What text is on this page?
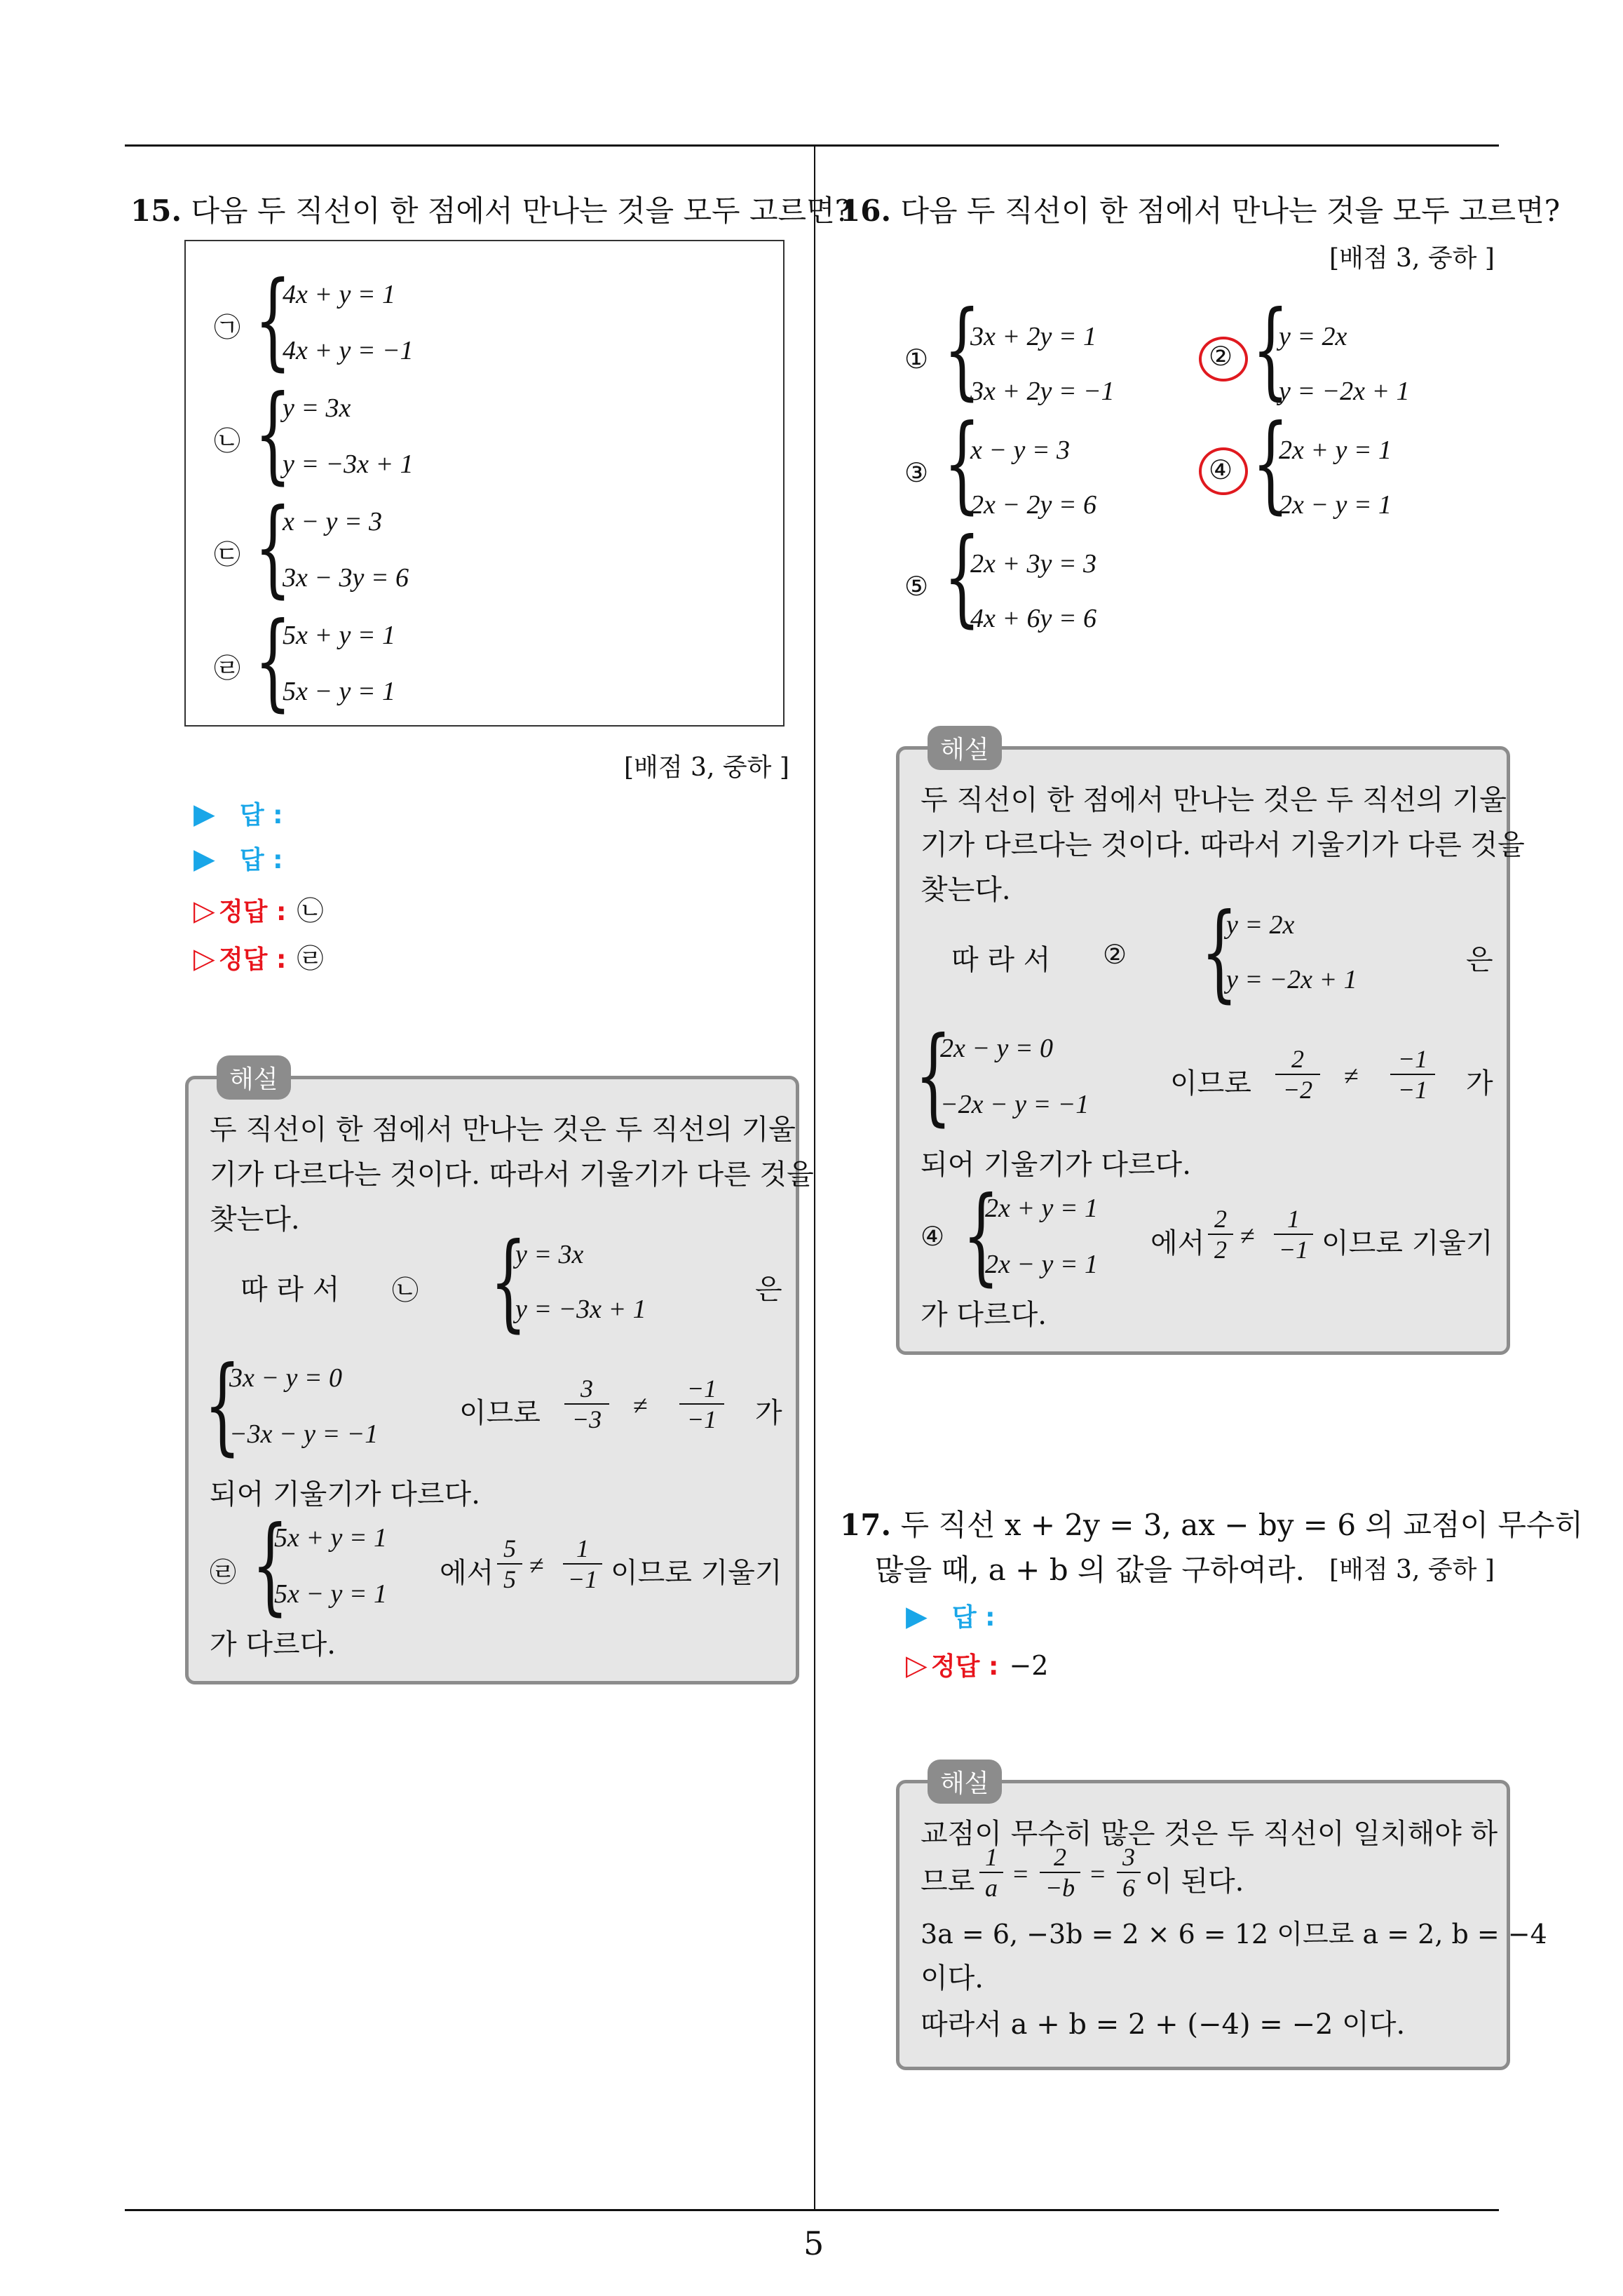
5
15. 다음 두 직선이 한 점에서 만나는 것을 모두 고르면?
㉠ {
4x + y = 1
4x + y = −1
㉡ {
y = 3x
y = −3x + 1
㉢ {
x − y = 3
3x − 3y = 6
㉣ {
5x + y = 1
5x − y = 1
[배점 3, 중하 ]
▶ 답 :
▶ 답 :
▷ 정답 : ㉡
▷ 정답 : ㉣
해설
두 직선이 한 점에서 만나는 것은 두 직선의 기울
기가 다르다는 것이다. 따라서 기울기가 다른 것을
찾는다.
따 라 서 ㉡ {
y = 3x
y = −3x + 1
은
{
3x − y = 0
−3x − y = −1
이므로 $\frac{3}{-3} \ne \frac{-1}{-1}$ 가
되어 기울기가 다르다.
㉣ {
5x + y = 1
5x − y = 1
에서 $\frac{5}{5} \ne \frac{1}{-1}$ 이므로 기울기
가 다르다.
16. 다음 두 직선이 한 점에서 만나는 것을 모두 고르면?
[배점 3, 중하 ]
① {
3x + 2y = 1
3x + 2y = −1
② {
y = 2x
y = −2x + 1
③ {
x − y = 3
2x − 2y = 6
④ {
2x + y = 1
2x − y = 1
⑤ {
2x + 3y = 3
4x + 6y = 6
해설
두 직선이 한 점에서 만나는 것은 두 직선의 기울
기가 다르다는 것이다. 따라서 기울기가 다른 것을
찾는다.
따 라 서 ② {
y = 2x
y = −2x + 1
은
{
2x − y = 0
−2x − y = −1
이므로 $\frac{2}{-2} \ne \frac{-1}{-1}$ 가
되어 기울기가 다르다.
④ {
2x + y = 1
2x − y = 1
에서 $\frac{2}{2} \ne \frac{1}{-1}$ 이므로 기울기
가 다르다.
17. 두 직선 x + 2y = 3, ax − by = 6 의 교점이 무수히
많을 때, a + b 의 값을 구하여라. [배점 3, 중하 ]
▶ 답 :
▷ 정답 : −2
해설
교점이 무수히 많은 것은 두 직선이 일치해야 하
므로 $\frac{1}{a} = \frac{2}{-b} = \frac{3}{6}$ 이 된다.
3a = 6, −3b = 2 × 6 = 12 이므로 a = 2, b = −4
이다.
따라서 a + b = 2 + (−4) = −2 이다.
